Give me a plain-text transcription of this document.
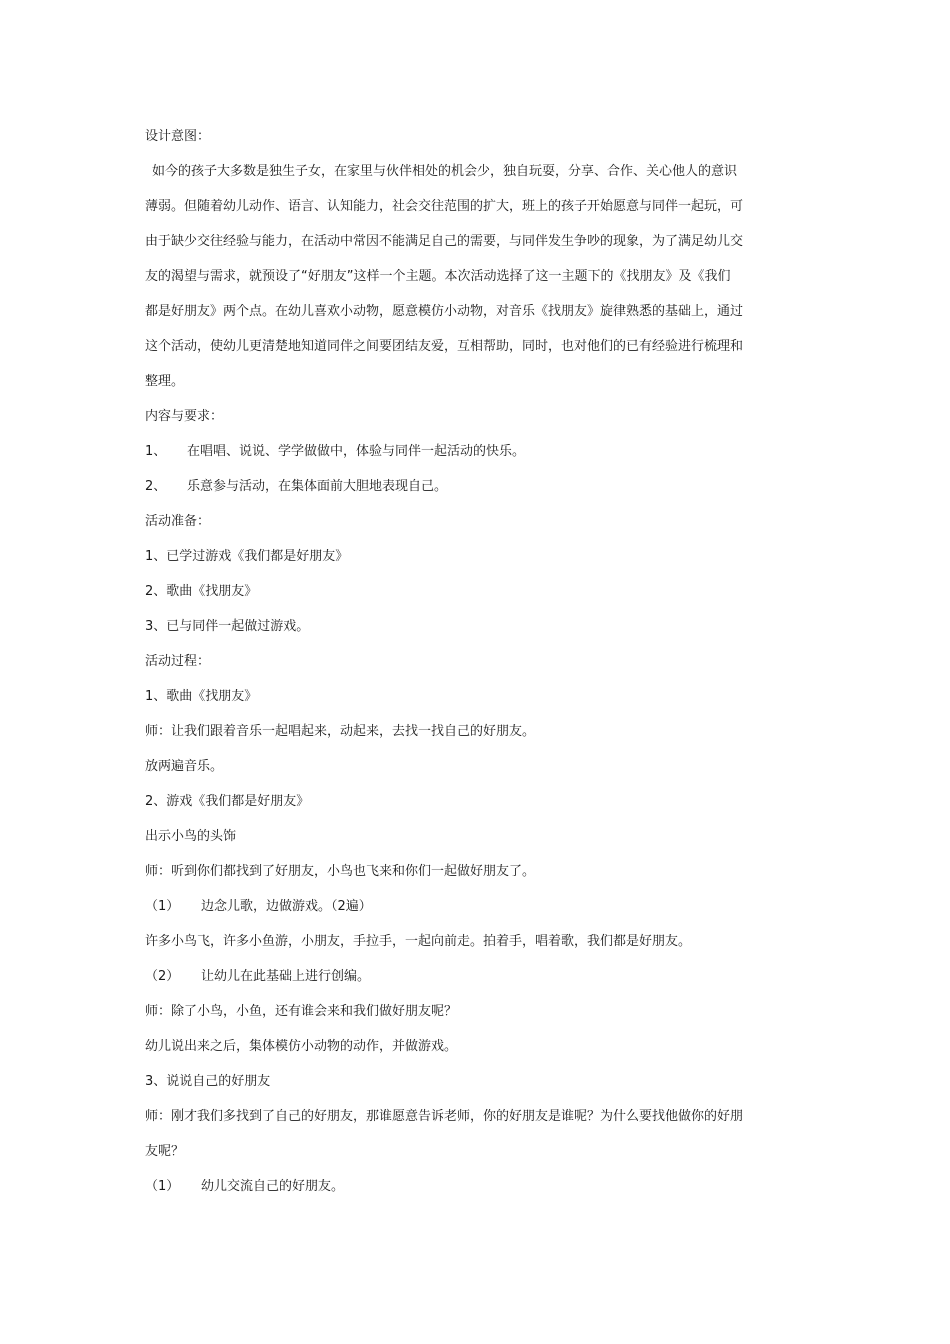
设计意图：

如今的孩子大多数是独生子女，在家里与伙伴相处的机会少，独自玩耍，分享、合作、关心他人的意识

薄弱。但随着幼儿动作、语言、认知能力，社会交往范围的扩大，班上的孩子开始愿意与同伴一起玩，可

由于缺少交往经验与能力，在活动中常因不能满足自己的需要，与同伴发生争吵的现象，为了满足幼儿交

友的渴望与需求，就预设了“好朋友”这样一个主题。本次活动选择了这一主题下的《找朋友》及《我们

都是好朋友》两个点。在幼儿喜欢小动物，愿意模仿小动物，对音乐《找朋友》旋律熟悉的基础上，通过

这个活动，使幼儿更清楚地知道同伴之间要团结友爱，互相帮助，同时，也对他们的已有经验进行梳理和

整理。

内容与要求：

1、 在唱唱、说说、学学做做中，体验与同伴一起活动的快乐。

2、 乐意参与活动，在集体面前大胆地表现自己。

活动准备：

1、已学过游戏《我们都是好朋友》

2、歌曲《找朋友》

3、已与同伴一起做过游戏。

活动过程：

1、歌曲《找朋友》

师：让我们跟着音乐一起唱起来，动起来，去找一找自己的好朋友。

放两遍音乐。

2、游戏《我们都是好朋友》

出示小鸟的头饰

师：听到你们都找到了好朋友，小鸟也飞来和你们一起做好朋友了。

（1） 边念儿歌，边做游戏。（2遍）

许多小鸟飞，许多小鱼游，小朋友，手拉手，一起向前走。拍着手，唱着歌，我们都是好朋友。

（2） 让幼儿在此基础上进行创编。

师：除了小鸟，小鱼，还有谁会来和我们做好朋友呢？

幼儿说出来之后，集体模仿小动物的动作，并做游戏。

3、说说自己的好朋友

师：刚才我们多找到了自己的好朋友，那谁愿意告诉老师，你的好朋友是谁呢？为什么要找他做你的好朋

友呢？

（1） 幼儿交流自己的好朋友。
